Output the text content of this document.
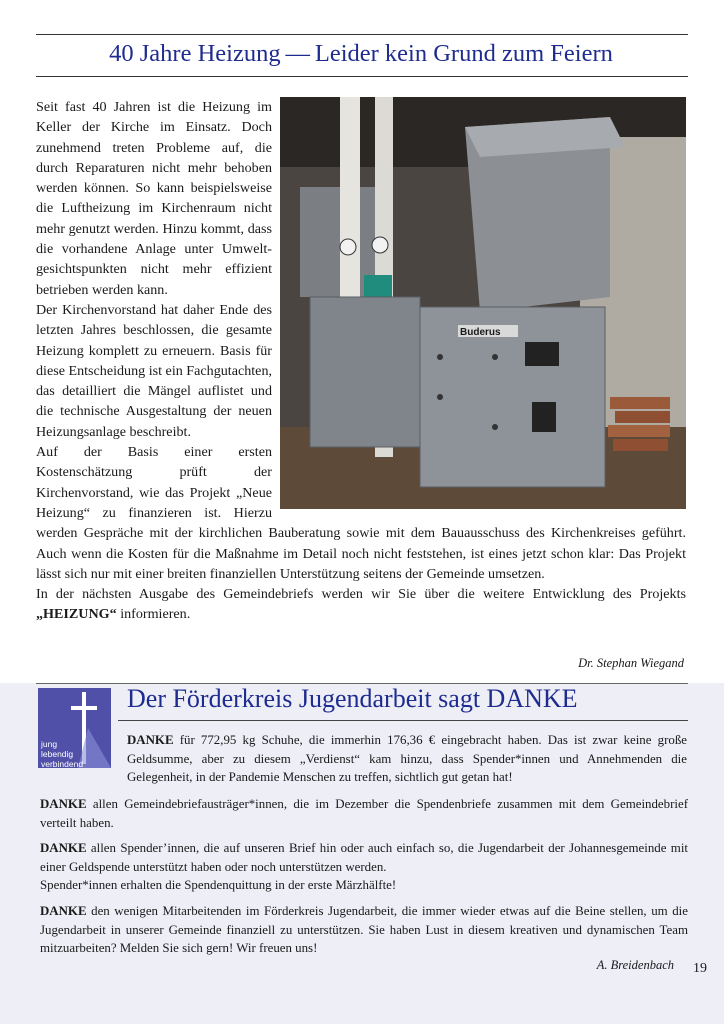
40 Jahre Heizung — Leider kein Grund zum Feiern
Buderus
Seit fast 40 Jahren ist die Heizung im Keller der Kirche im Einsatz. Doch zunehmend treten Probleme auf, die durch Reparaturen nicht mehr behoben werden können. So kann beispielsweise die Luftheizung im Kirchenraum nicht mehr genutzt werden. Hinzu kommt, dass die vorhandene Anlage unter Umweltgesichtspunkten nicht mehr effizient betrieben werden kann.
Der Kirchenvorstand hat daher Ende des letzten Jahres beschlossen, die gesamte Heizung komplett zu erneuern. Basis für diese Entscheidung ist ein Fachgutachten, das detailliert die Mängel auflistet und die technische Ausgestaltung der neuen Heizungsanlage beschreibt.
Auf der Basis einer ersten Kostenschätzung prüft der Kirchenvorstand, wie das Projekt „Neue Heizung“ zu finanzieren ist. Hierzu werden Gespräche mit der kirchlichen Bauberatung sowie mit dem Bauausschuss des Kirchenkreises geführt. Auch wenn die Kosten für die Maßnahme im Detail noch nicht feststehen, ist eines jetzt schon klar: Das Projekt lässt sich nur mit einer breiten finanziellen Unterstützung seitens der Gemeinde umsetzen.
In der nächsten Ausgabe des Gemeindebriefs werden wir Sie über die weitere Entwicklung des Projekts „HEIZUNG“ informieren.
Dr. Stephan Wiegand
jung
lebendig
verbindend
Der Förderkreis Jugendarbeit sagt DANKE
DANKE für 772,95 kg Schuhe, die immerhin 176,36 € eingebracht haben. Das ist zwar keine große Geldsumme, aber zu diesem „Verdienst“ kam hinzu, dass Spender*innen und Annehmenden die Gelegenheit, in der Pandemie Menschen zu treffen, sichtlich gut getan hat!
DANKE allen Gemeindebriefausträger*innen, die im Dezember die Spendenbriefe zusammen mit dem Gemeindebrief verteilt haben.
DANKE allen Spender’innen, die auf unseren Brief hin oder auch einfach so, die Jugendarbeit der Johannesgemeinde mit einer Geldspende unterstützt haben oder noch unterstützen werden.
Spender*innen erhalten die Spendenquittung in der erste Märzhälfte!
DANKE den wenigen Mitarbeitenden im Förderkreis Jugendarbeit, die immer wieder etwas auf die Beine stellen, um die Jugendarbeit in unserer Gemeinde finanziell zu unterstützen. Sie haben Lust in diesem kreativen und dynamischen Team mitzuarbeiten? Melden Sie sich gern! Wir freuen uns!
A. Breidenbach 19
